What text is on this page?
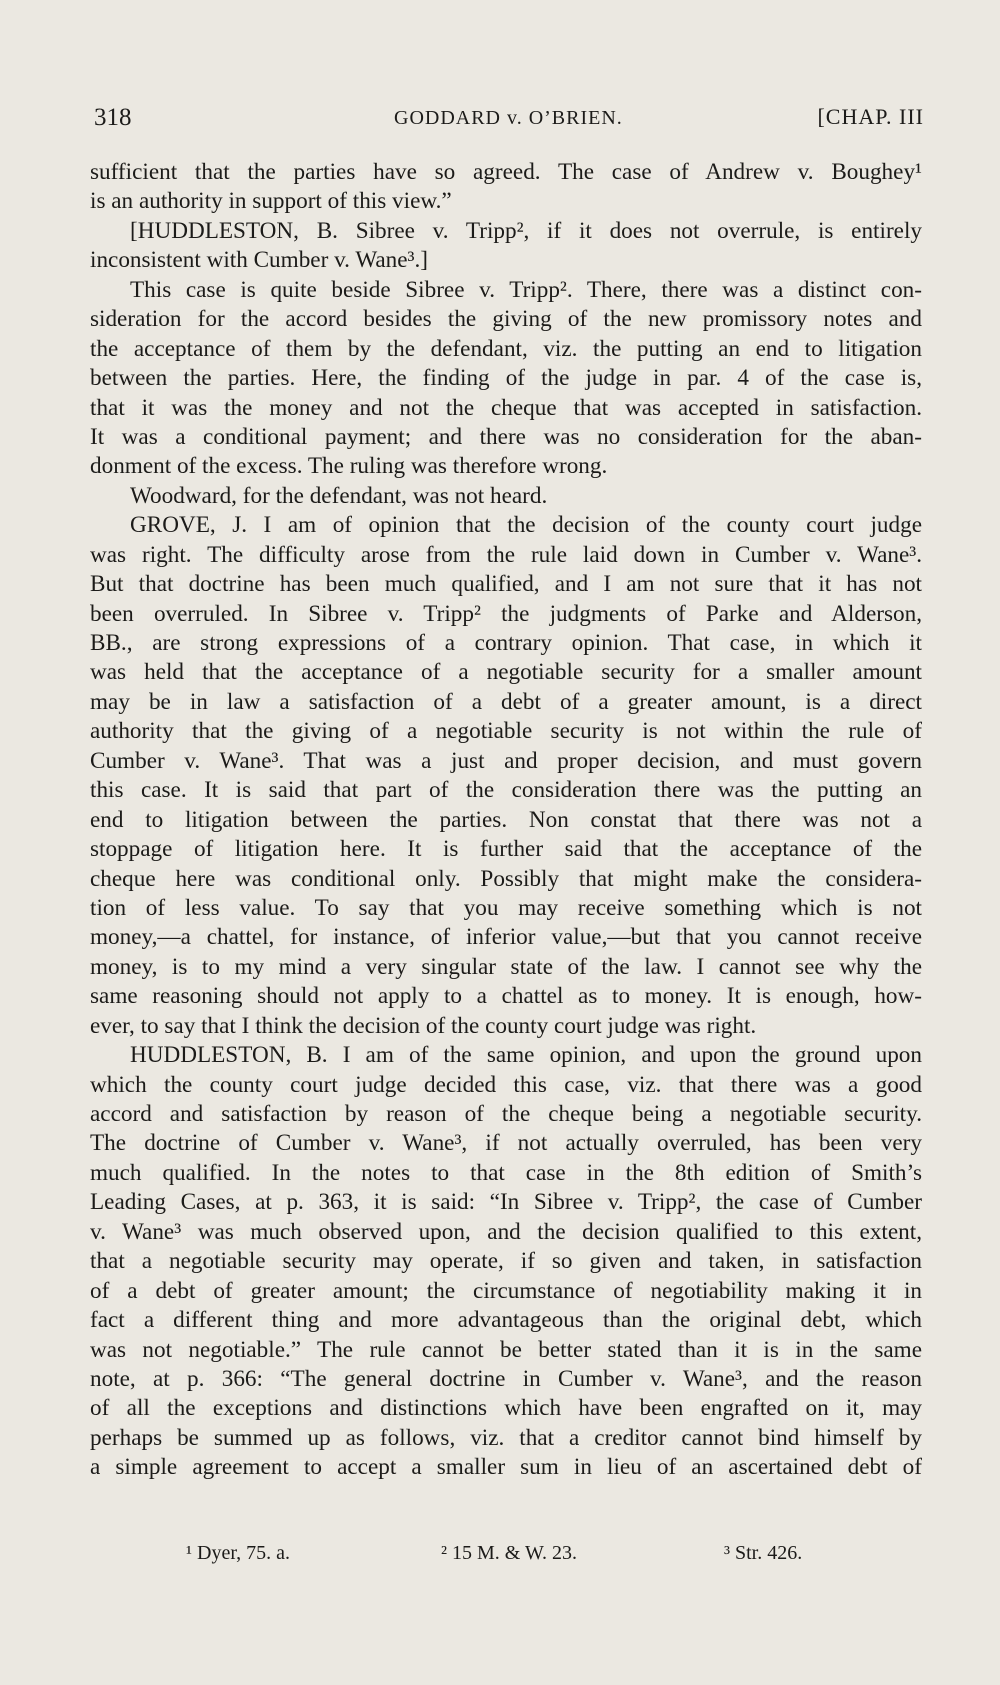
318	GODDARD v. O’BRIEN.	[CHAP. III
sufficient that the parties have so agreed. The case of Andrew v. Boughey¹
is an authority in support of this view.”
[HUDDLESTON, B. Sibree v. Tripp², if it does not overrule, is entirely
inconsistent with Cumber v. Wane³.]
This case is quite beside Sibree v. Tripp². There, there was a distinct con-
sideration for the accord besides the giving of the new promissory notes and
the acceptance of them by the defendant, viz. the putting an end to litigation
between the parties. Here, the finding of the judge in par. 4 of the case is,
that it was the money and not the cheque that was accepted in satisfaction.
It was a conditional payment; and there was no consideration for the aban-
donment of the excess. The ruling was therefore wrong.
Woodward, for the defendant, was not heard.
GROVE, J. I am of opinion that the decision of the county court judge
was right. The difficulty arose from the rule laid down in Cumber v. Wane³.
But that doctrine has been much qualified, and I am not sure that it has not
been overruled. In Sibree v. Tripp² the judgments of Parke and Alderson,
BB., are strong expressions of a contrary opinion. That case, in which it
was held that the acceptance of a negotiable security for a smaller amount
may be in law a satisfaction of a debt of a greater amount, is a direct
authority that the giving of a negotiable security is not within the rule of
Cumber v. Wane³. That was a just and proper decision, and must govern
this case. It is said that part of the consideration there was the putting an
end to litigation between the parties. Non constat that there was not a
stoppage of litigation here. It is further said that the acceptance of the
cheque here was conditional only. Possibly that might make the considera-
tion of less value. To say that you may receive something which is not
money,—a chattel, for instance, of inferior value,—but that you cannot receive
money, is to my mind a very singular state of the law. I cannot see why the
same reasoning should not apply to a chattel as to money. It is enough, how-
ever, to say that I think the decision of the county court judge was right.
HUDDLESTON, B. I am of the same opinion, and upon the ground upon
which the county court judge decided this case, viz. that there was a good
accord and satisfaction by reason of the cheque being a negotiable security.
The doctrine of Cumber v. Wane³, if not actually overruled, has been very
much qualified. In the notes to that case in the 8th edition of Smith’s
Leading Cases, at p. 363, it is said: “In Sibree v. Tripp², the case of Cumber
v. Wane³ was much observed upon, and the decision qualified to this extent,
that a negotiable security may operate, if so given and taken, in satisfaction
of a debt of greater amount; the circumstance of negotiability making it in
fact a different thing and more advantageous than the original debt, which
was not negotiable.” The rule cannot be better stated than it is in the same
note, at p. 366: “The general doctrine in Cumber v. Wane³, and the reason
of all the exceptions and distinctions which have been engrafted on it, may
perhaps be summed up as follows, viz. that a creditor cannot bind himself by
a simple agreement to accept a smaller sum in lieu of an ascertained debt of
¹ Dyer, 75. a.	² 15 M. & W. 23.	³ Str. 426.
